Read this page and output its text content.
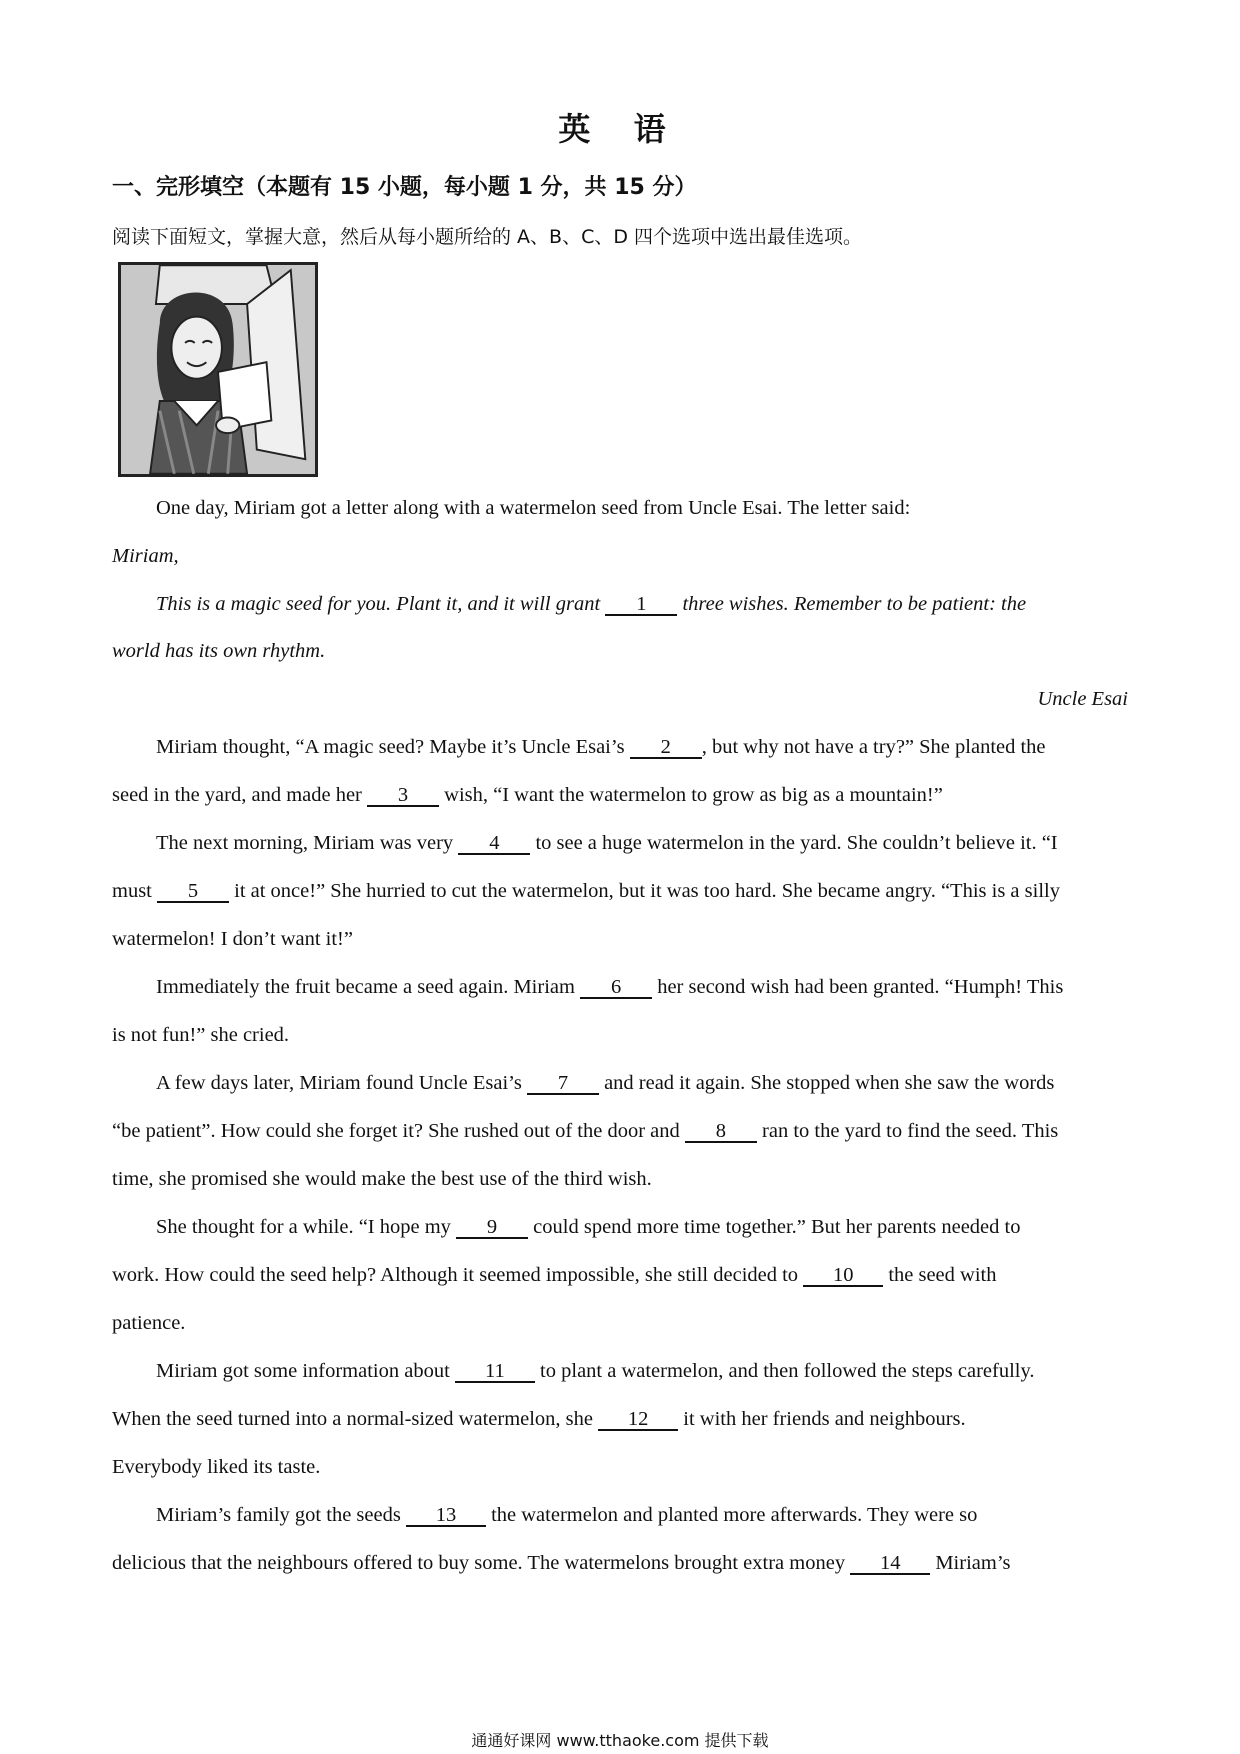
英 语
一、完形填空（本题有 15 小题，每小题 1 分，共 15 分）
阅读下面短文，掌握大意，然后从每小题所给的 A、B、C、D 四个选项中选出最佳选项。
One day, Miriam got a letter along with a watermelon seed from Uncle Esai. The letter said:
Miriam,
This is a magic seed for you. Plant it, and it will grant 1 three wishes. Remember to be patient: the
world has its own rhythm.
Uncle Esai
Miriam thought, “A magic seed? Maybe it’s Uncle Esai’s 2 , but why not have a try?” She planted the
seed in the yard, and made her 3 wish, “I want the watermelon to grow as big as a mountain!”
The next morning, Miriam was very 4 to see a huge watermelon in the yard. She couldn’t believe it. “I
must 5 it at once!” She hurried to cut the watermelon, but it was too hard. She became angry. “This is a silly
watermelon! I don’t want it!”
Immediately the fruit became a seed again. Miriam 6 her second wish had been granted. “Humph! This
is not fun!” she cried.
A few days later, Miriam found Uncle Esai’s 7 and read it again. She stopped when she saw the words
“be patient”. How could she forget it? She rushed out of the door and 8 ran to the yard to find the seed. This
time, she promised she would make the best use of the third wish.
She thought for a while. “I hope my 9 could spend more time together.” But her parents needed to
work. How could the seed help? Although it seemed impossible, she still decided to 10 the seed with
patience.
Miriam got some information about 11 to plant a watermelon, and then followed the steps carefully.
When the seed turned into a normal-sized watermelon, she 12 it with her friends and neighbours.
Everybody liked its taste.
Miriam’s family got the seeds 13 the watermelon and planted more afterwards. They were so
delicious that the neighbours offered to buy some. The watermelons brought extra money 14 Miriam’s
通通好课网 www.tthaoke.com 提供下载
